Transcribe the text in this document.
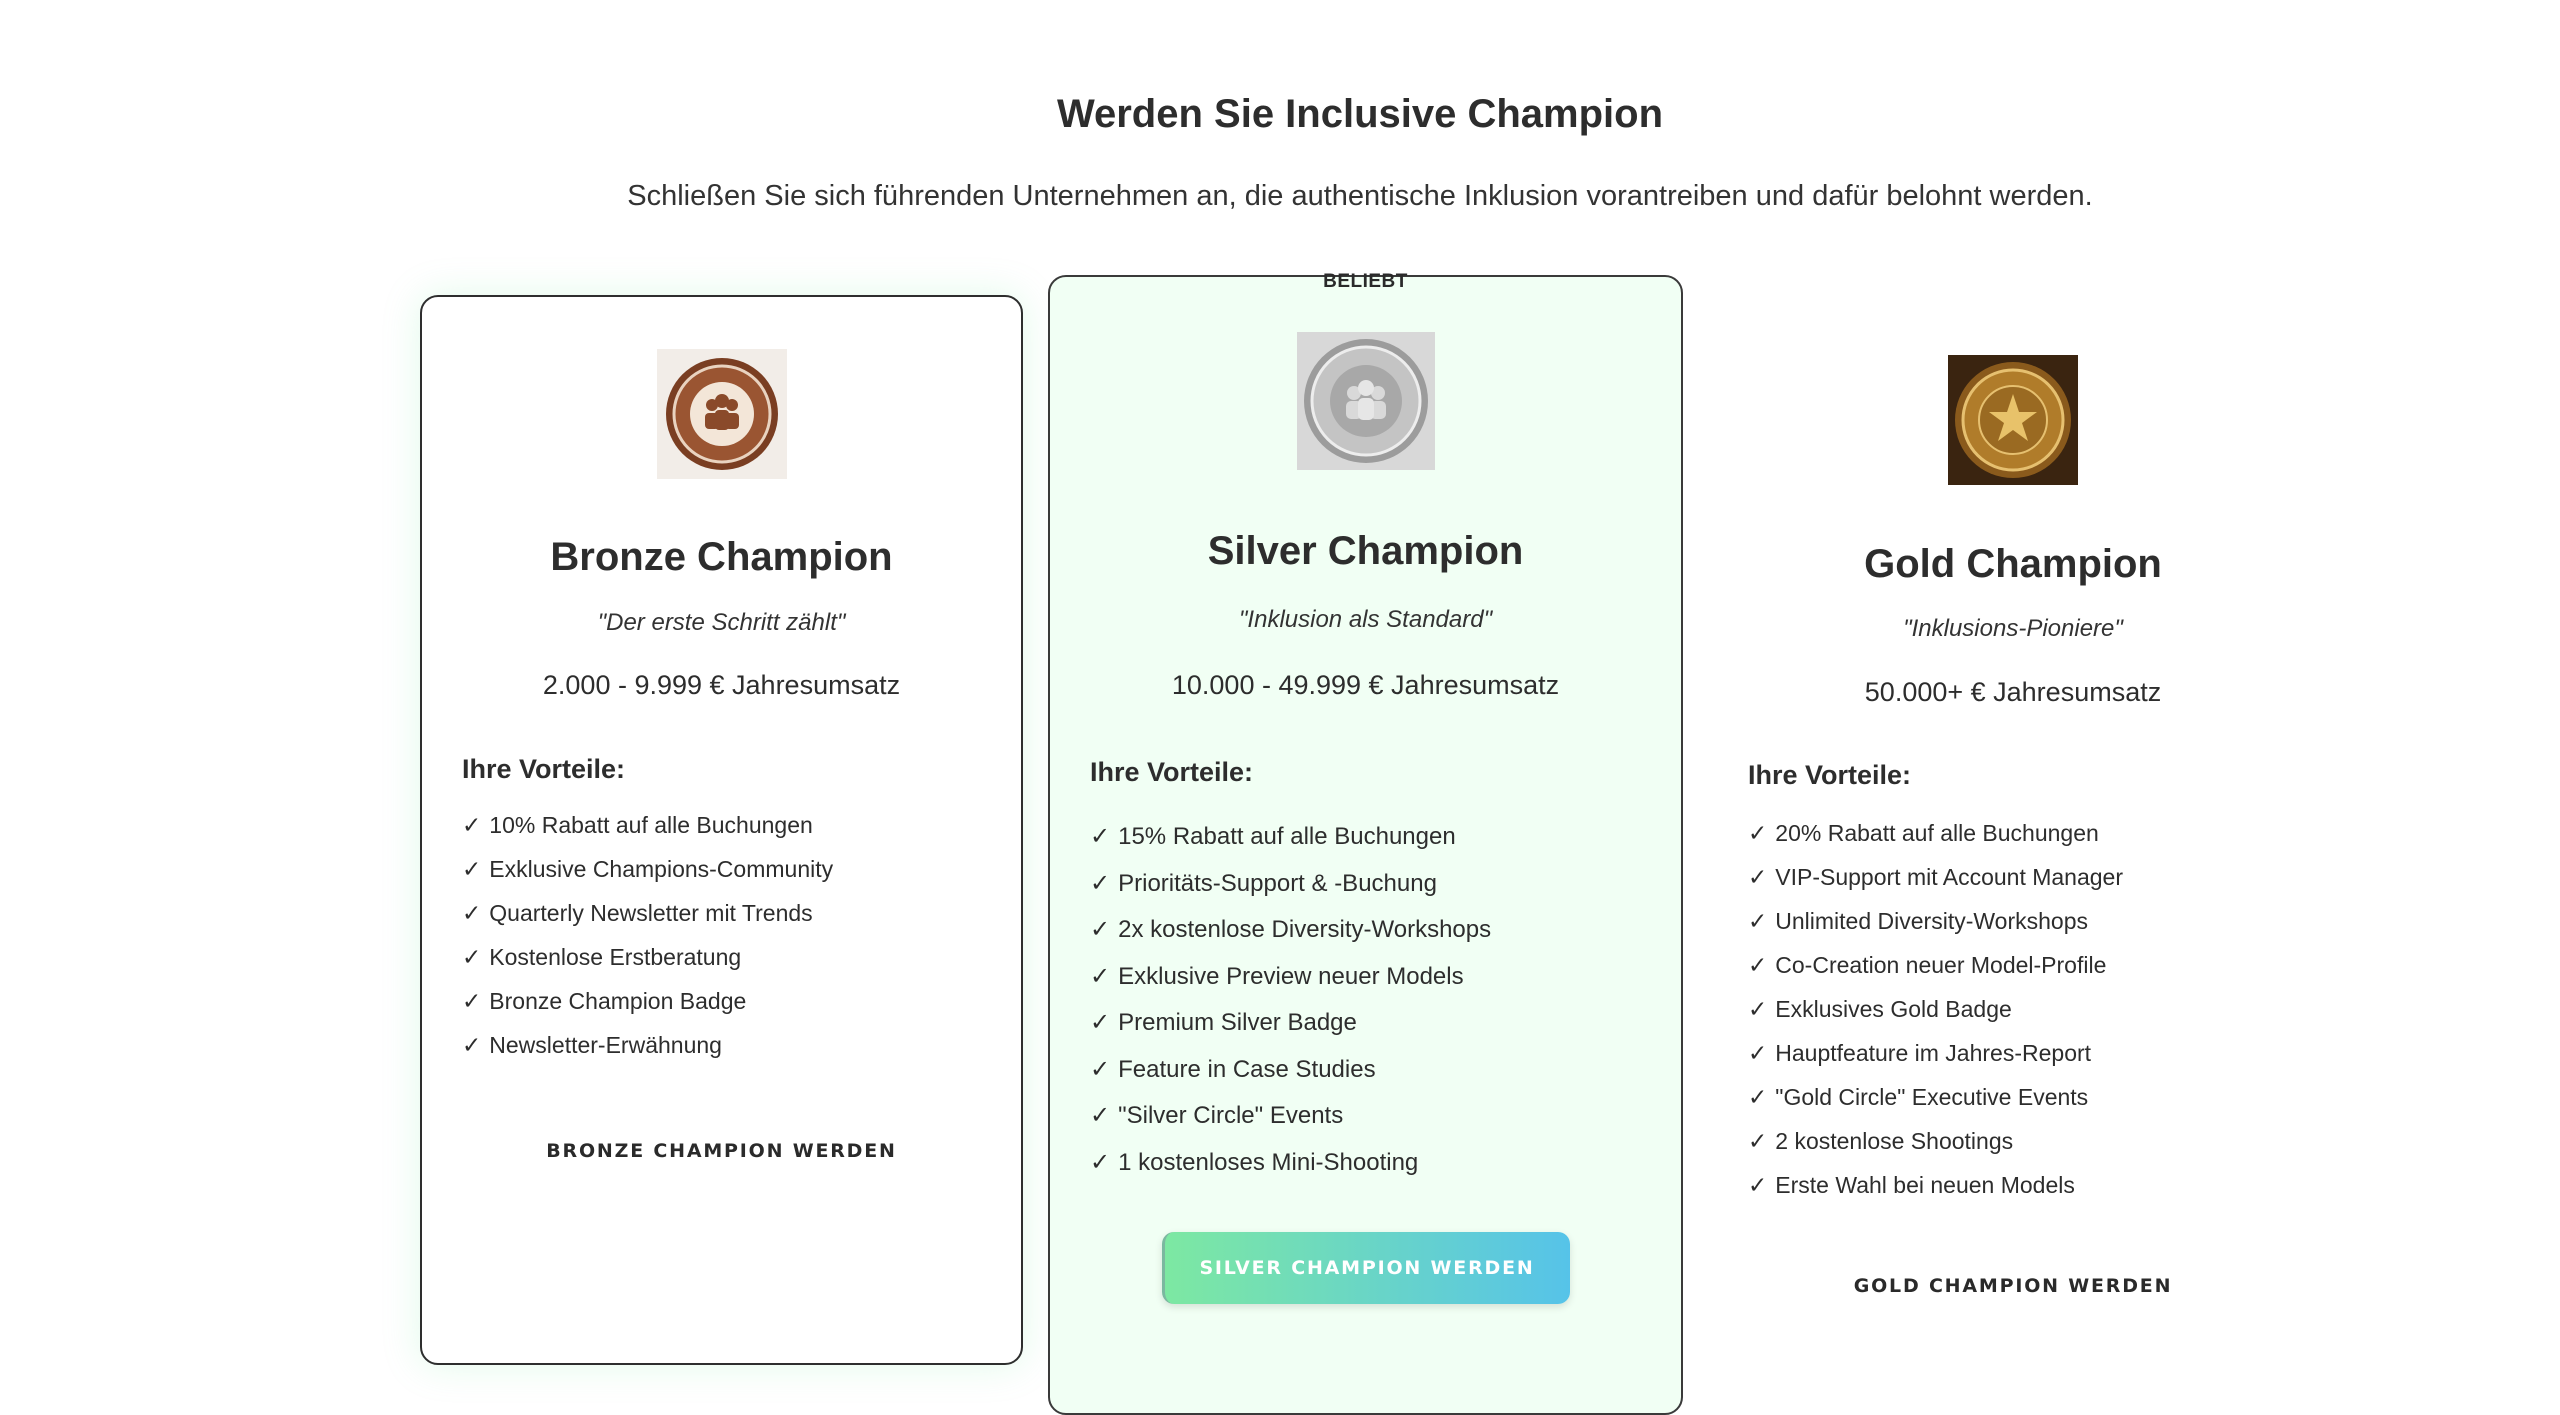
Werden Sie Inclusive Champion

Schließen Sie sich führenden Unternehmen an, die authentische Inklusion vorantreiben und dafür belohnt werden.

Bronze Champion

"Der erste Schritt zählt"

2.000 - 9.999 € Jahresumsatz

Ihre Vorteile:

✓ 10% Rabatt auf alle Buchungen
✓ Exklusive Champions-Community
✓ Quarterly Newsletter mit Trends
✓ Kostenlose Erstberatung
✓ Bronze Champion Badge
✓ Newsletter-Erwähnung
BRONZE CHAMPION WERDEN
BELIEBT
Silver Champion

"Inklusion als Standard"

10.000 - 49.999 € Jahresumsatz

Ihre Vorteile:

✓ 15% Rabatt auf alle Buchungen
✓ Prioritäts-Support & -Buchung
✓ 2x kostenlose Diversity-Workshops
✓ Exklusive Preview neuer Models
✓ Premium Silver Badge
✓ Feature in Case Studies
✓ "Silver Circle" Events
✓ 1 kostenloses Mini-Shooting
SILVER CHAMPION WERDEN
Gold Champion

"Inklusions-Pioniere"

50.000+ € Jahresumsatz

Ihre Vorteile:

✓ 20% Rabatt auf alle Buchungen
✓ VIP-Support mit Account Manager
✓ Unlimited Diversity-Workshops
✓ Co-Creation neuer Model-Profile
✓ Exklusives Gold Badge
✓ Hauptfeature im Jahres-Report
✓ "Gold Circle" Executive Events
✓ 2 kostenlose Shootings
✓ Erste Wahl bei neuen Models
GOLD CHAMPION WERDEN
